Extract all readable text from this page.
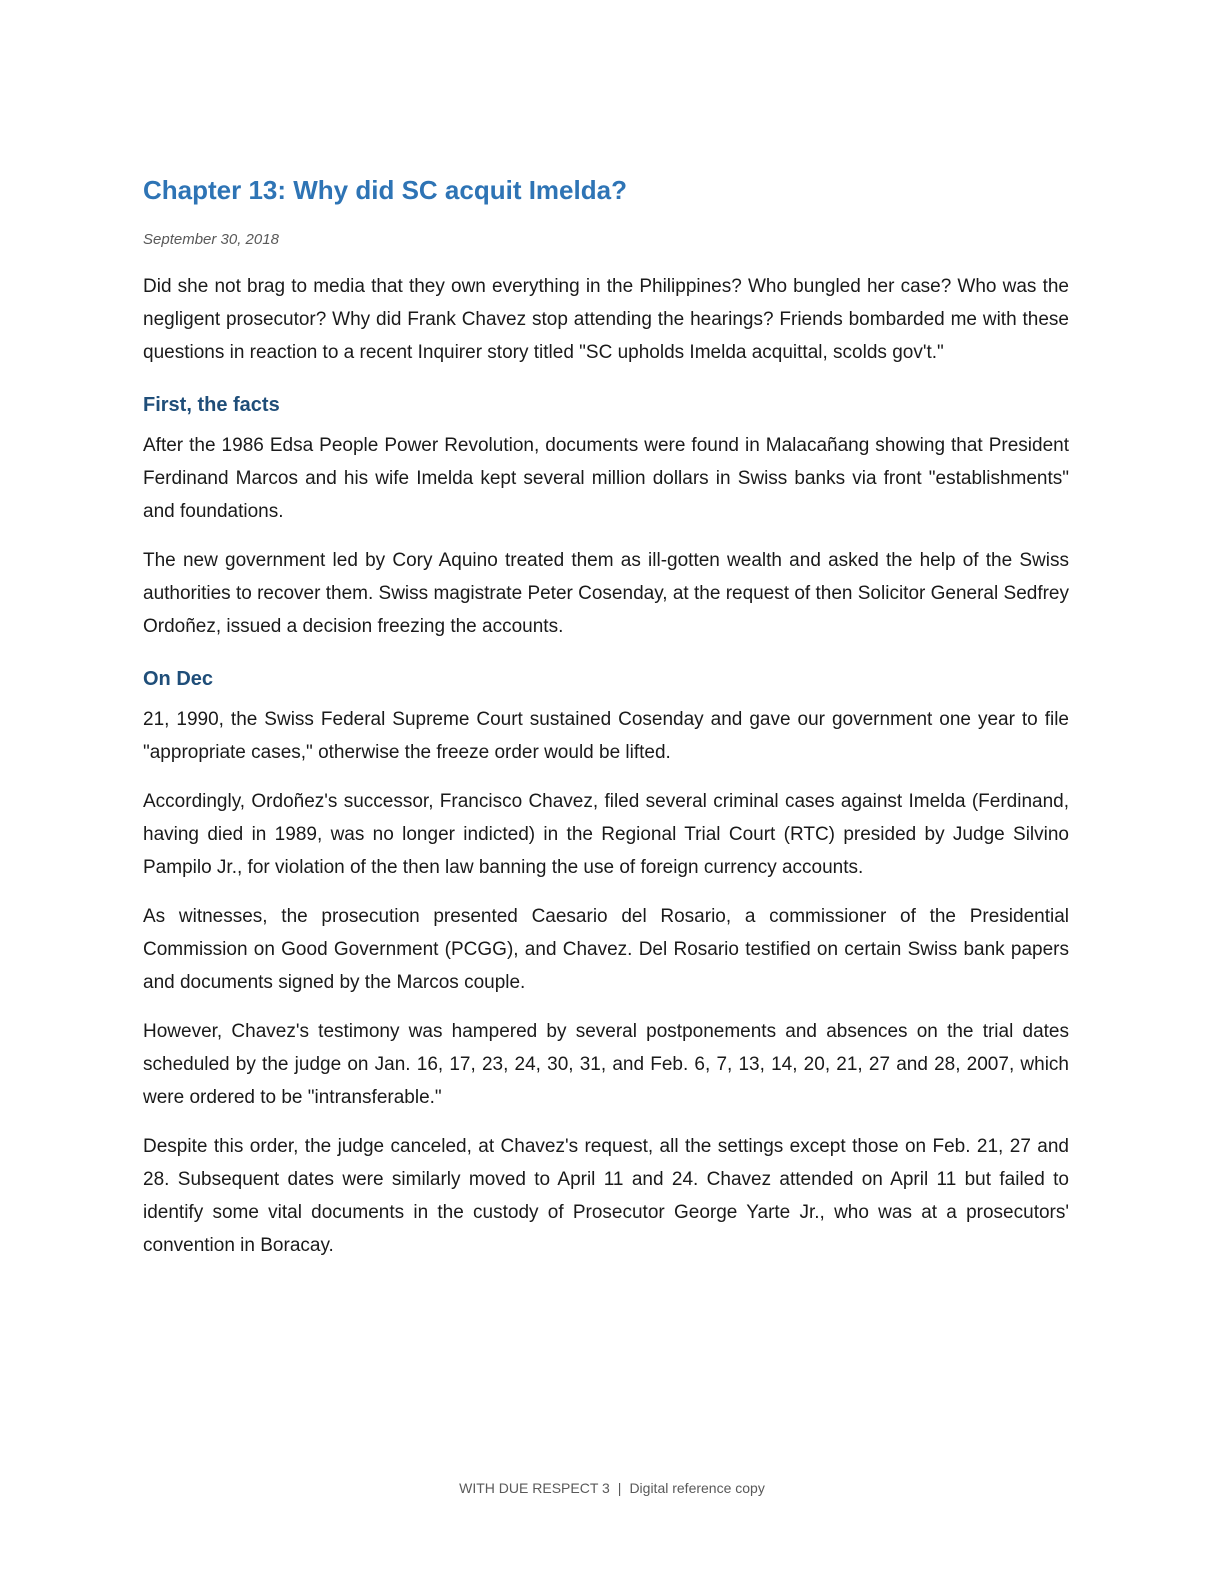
Chapter 13: Why did SC acquit Imelda?

September 30, 2018

Did she not brag to media that they own everything in the Philippines? Who bungled her case? Who was the negligent prosecutor? Why did Frank Chavez stop attending the hearings? Friends bombarded me with these questions in reaction to a recent Inquirer story titled "SC upholds Imelda acquittal, scolds gov't."

First, the facts

After the 1986 Edsa People Power Revolution, documents were found in Malacañang showing that President Ferdinand Marcos and his wife Imelda kept several million dollars in Swiss banks via front "establishments" and foundations.

The new government led by Cory Aquino treated them as ill-gotten wealth and asked the help of the Swiss authorities to recover them. Swiss magistrate Peter Cosenday, at the request of then Solicitor General Sedfrey Ordoñez, issued a decision freezing the accounts.

On Dec

21, 1990, the Swiss Federal Supreme Court sustained Cosenday and gave our government one year to file "appropriate cases," otherwise the freeze order would be lifted.

Accordingly, Ordoñez's successor, Francisco Chavez, filed several criminal cases against Imelda (Ferdinand, having died in 1989, was no longer indicted) in the Regional Trial Court (RTC) presided by Judge Silvino Pampilo Jr., for violation of the then law banning the use of foreign currency accounts.

As witnesses, the prosecution presented Caesario del Rosario, a commissioner of the Presidential Commission on Good Government (PCGG), and Chavez. Del Rosario testified on certain Swiss bank papers and documents signed by the Marcos couple.

However, Chavez's testimony was hampered by several postponements and absences on the trial dates scheduled by the judge on Jan. 16, 17, 23, 24, 30, 31, and Feb. 6, 7, 13, 14, 20, 21, 27 and 28, 2007, which were ordered to be "intransferable."

Despite this order, the judge canceled, at Chavez's request, all the settings except those on Feb. 21, 27 and 28. Subsequent dates were similarly moved to April 11 and 24. Chavez attended on April 11 but failed to identify some vital documents in the custody of Prosecutor George Yarte Jr., who was at a prosecutors' convention in Boracay.

WITH DUE RESPECT 3 | Digital reference copy
